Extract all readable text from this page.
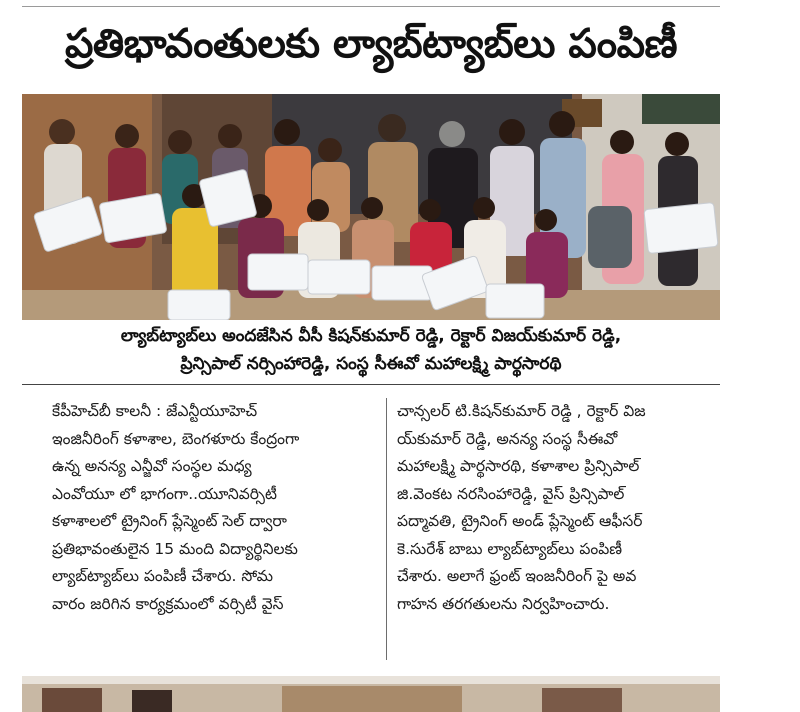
ప్రతిభావంతులకు ల్యాబ్‌ట్యాబ్‌లు పంపిణీ
ల్యాబ్‌ట్యాబ్‌లు అందజేసిన వీసీ కిషన్‌కుమార్ రెడ్డి, రెక్టార్ విజయ్‌కుమార్ రెడ్డి,
ప్రిన్సిపాల్ నర్సింహారెడ్డి, సంస్థ సీఈవో మహాలక్ష్మి పార్థసారథి
కేపీహెచ్‌బీ కాలనీ : జేఎన్టీయూహెచ్
ఇంజినీరింగ్ కళాశాల, బెంగళూరు కేంద్రంగా
ఉన్న అనన్య ఎన్జీవో సంస్థల మధ్య
ఎంవోయూ లో భాగంగా..యూనివర్సిటీ
కళాశాలలో ట్రైనింగ్ ప్లేస్మెంట్ సెల్ ద్వారా
ప్రతిభావంతులైన 15 మంది విద్యార్థినిలకు
ల్యాబ్‌ట్యాబ్‌లు పంపిణీ చేశారు. సోమ
వారం జరిగిన కార్యక్రమంలో వర్సిటీ వైస్
చాన్సలర్ టి.కిషన్‌కుమార్ రెడ్డి , రెక్టార్ విజ
య్‌కుమార్ రెడ్డి, అనన్య సంస్థ సీఈవో
మహాలక్ష్మి పార్థసారథి, కళాశాల ప్రిన్సిపాల్
జి.వెంకట నరసింహారెడ్డి, వైస్ ప్రిన్సిపాల్
పద్మావతి, ట్రైనింగ్ అండ్ ప్లేస్మెంట్ ఆఫీసర్
కె.సురేశ్ బాబు ల్యాబ్‌ట్యాబ్‌లు పంపిణీ
చేశారు. అలాగే ఫ్రంట్ ఇంజనీరింగ్ పై అవ
గాహన తరగతులను నిర్వహించారు.
